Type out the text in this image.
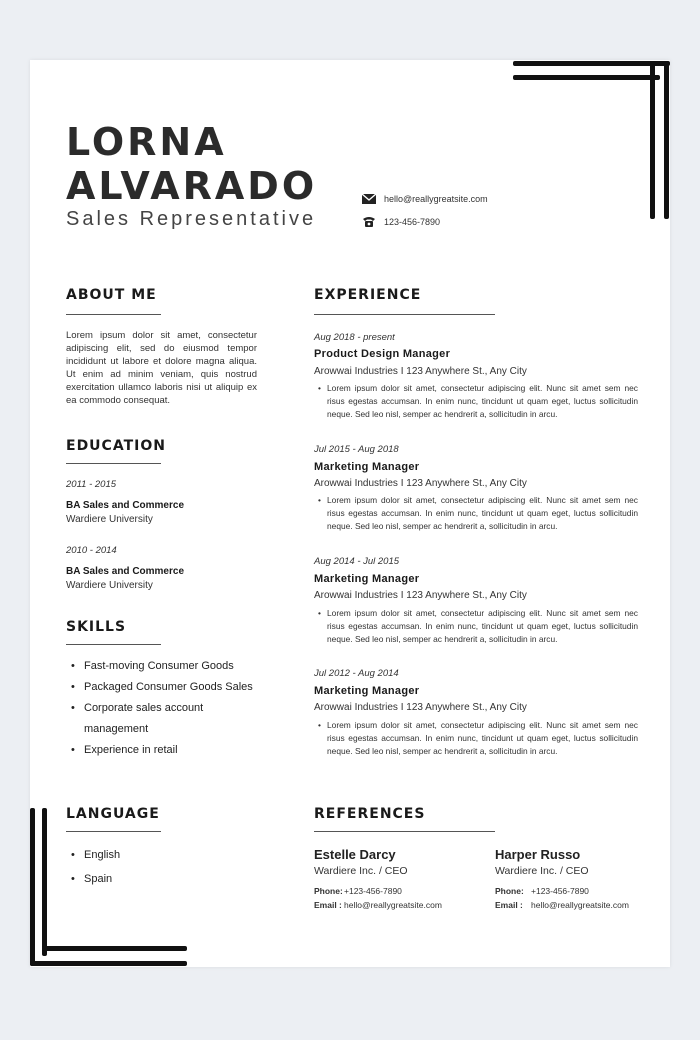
LORNA
ALVARADO
Sales Representative
hello@reallygreatsite.com
123-456-7890
ABOUT ME
Lorem ipsum dolor sit amet, consectetur adipiscing elit, sed do eiusmod tempor incididunt ut labore et dolore magna aliqua. Ut enim ad minim veniam, quis nostrud exercitation ullamco laboris nisi ut aliquip ex ea commodo consequat.
EDUCATION
2011 - 2015
BA Sales and Commerce
Wardiere University
2010 - 2014
BA Sales and Commerce
Wardiere University
SKILLS
• Fast-moving Consumer Goods
• Packaged Consumer Goods Sales
• Corporate sales account management
• Experience in retail
LANGUAGE
• English
• Spain
EXPERIENCE
Aug 2018 - present
Product Design Manager
Arowwai Industries I 123 Anywhere St., Any City
• Lorem ipsum dolor sit amet, consectetur adipiscing elit. Nunc sit amet sem nec risus egestas accumsan. In enim nunc, tincidunt ut quam eget, luctus sollicitudin neque. Sed leo nisl, semper ac hendrerit a, sollicitudin in arcu.
Jul 2015 - Aug 2018
Marketing Manager
Arowwai Industries I 123 Anywhere St., Any City
• Lorem ipsum dolor sit amet, consectetur adipiscing elit. Nunc sit amet sem nec risus egestas accumsan. In enim nunc, tincidunt ut quam eget, luctus sollicitudin neque. Sed leo nisl, semper ac hendrerit a, sollicitudin in arcu.
Aug 2014 - Jul 2015
Marketing Manager
Arowwai Industries I 123 Anywhere St., Any City
• Lorem ipsum dolor sit amet, consectetur adipiscing elit. Nunc sit amet sem nec risus egestas accumsan. In enim nunc, tincidunt ut quam eget, luctus sollicitudin neque. Sed leo nisl, semper ac hendrerit a, sollicitudin in arcu.
Jul 2012 - Aug 2014
Marketing Manager
Arowwai Industries I 123 Anywhere St., Any City
• Lorem ipsum dolor sit amet, consectetur adipiscing elit. Nunc sit amet sem nec risus egestas accumsan. In enim nunc, tincidunt ut quam eget, luctus sollicitudin neque. Sed leo nisl, semper ac hendrerit a, sollicitudin in arcu.
REFERENCES
Estelle Darcy
Wardiere Inc. / CEO
Phone:+123-456-7890
Email : hello@reallygreatsite.com
Harper Russo
Wardiere Inc. / CEO
Phone: +123-456-7890
Email : hello@reallygreatsite.com
